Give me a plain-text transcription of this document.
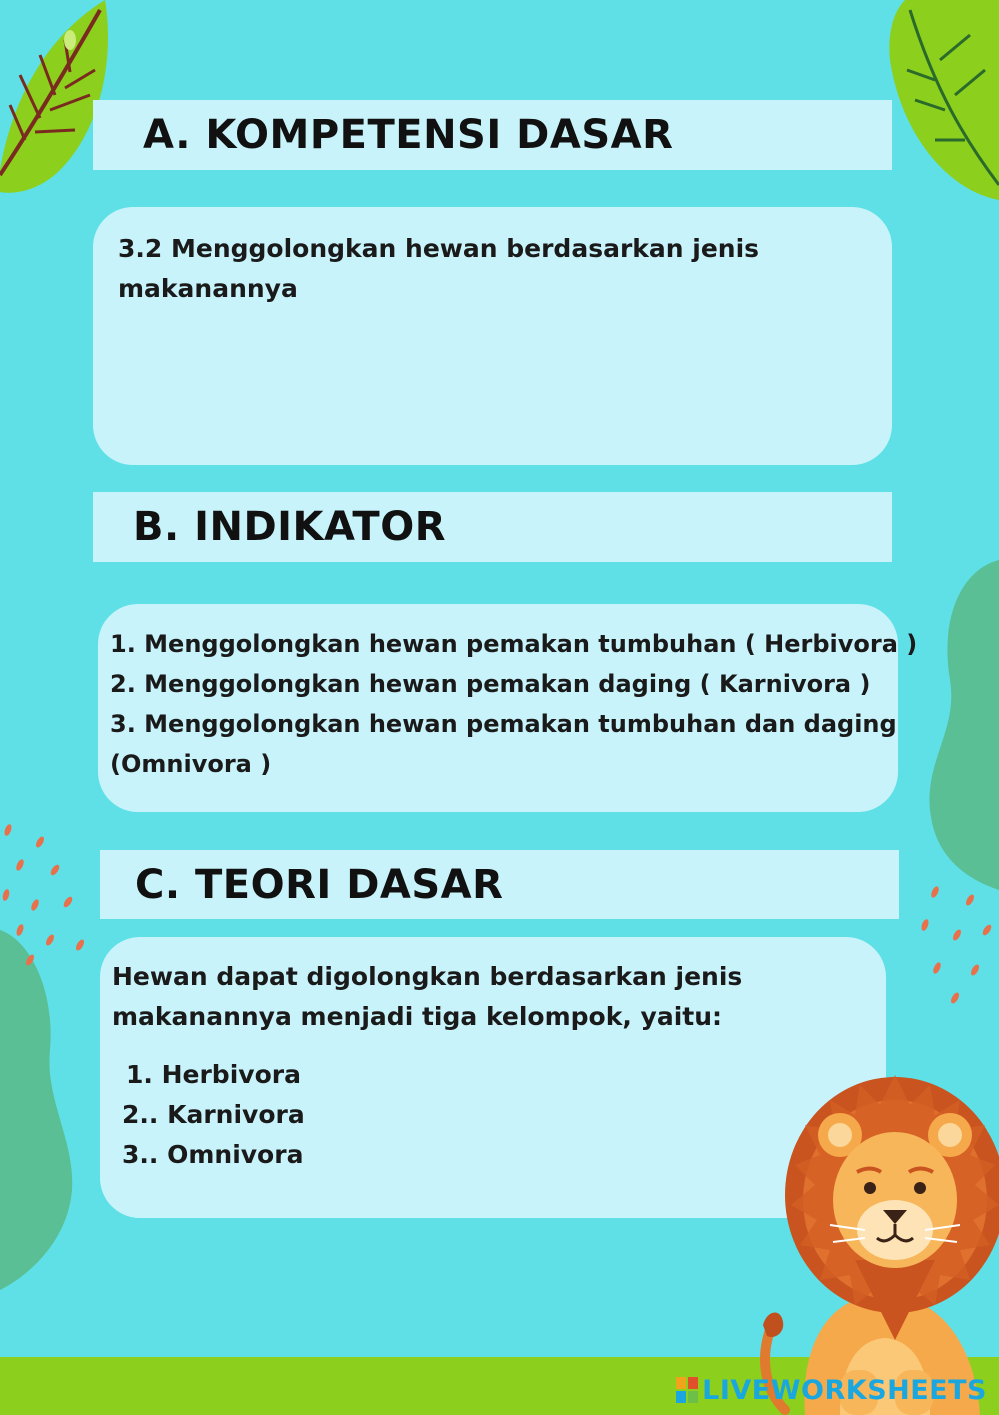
A. KOMPETENSI DASAR

3.2 Menggolongkan hewan berdasarkan jenis

makanannya

B. INDIKATOR

1. Menggolongkan hewan pemakan tumbuhan ( Herbivora )

2. Menggolongkan hewan pemakan daging ( Karnivora )

3. Menggolongkan hewan pemakan tumbuhan dan daging

(Omnivora )

C. TEORI DASAR

Hewan dapat digolongkan berdasarkan jenis

makanannya menjadi tiga kelompok, yaitu:

1. Herbivora

2.. Karnivora

3.. Omnivora

LIVEWORKSHEETS
